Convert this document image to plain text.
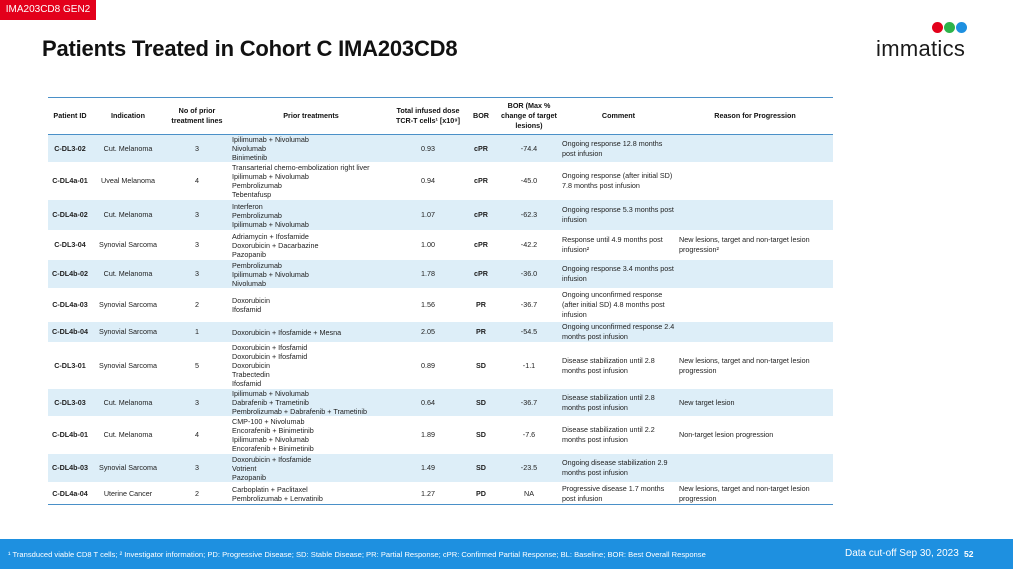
IMA203CD8 GEN2
Patients Treated in Cohort C IMA203CD8	immatics
Patient ID	Indication	No of prior treatment lines	Prior treatments	Total infused dose TCR-T cells¹ [x10⁹]	BOR	BOR (Max % change of target lesions)	Comment	Reason for Progression
C-DL3-02	Cut. Melanoma	3	Ipilimumab + Nivolumab
Nivolumab
Binimetinib	0.93	cPR	-74.4	Ongoing response 12.8 months post infusion	
C-DL4a-01	Uveal Melanoma	4	Transarterial chemo-embolization right liver
Ipilimumab + Nivolumab
Pembrolizumab
Tebentafusp	0.94	cPR	-45.0	Ongoing response (after initial SD) 7.8 months post infusion	
C-DL4a-02	Cut. Melanoma	3	Interferon
Pembrolizumab
Ipilimumab + Nivolumab	1.07	cPR	-62.3	Ongoing response 5.3 months post infusion	
C-DL3-04	Synovial Sarcoma	3	Adriamycin + Ifosfamide
Doxorubicin + Dacarbazine
Pazopanib	1.00	cPR	-42.2	Response until 4.9 months post infusion²	New lesions, target and non-target lesion progression²
C-DL4b-02	Cut. Melanoma	3	Pembrolizumab
Ipilimumab + Nivolumab
Nivolumab	1.78	cPR	-36.0	Ongoing response 3.4 months post infusion	
C-DL4a-03	Synovial Sarcoma	2	Doxorubicin
Ifosfamid	1.56	PR	-36.7	Ongoing unconfirmed response (after initial SD) 4.8 months post infusion	
C-DL4b-04	Synovial Sarcoma	1	Doxorubicin + Ifosfamide + Mesna	2.05	PR	-54.5	Ongoing unconfirmed response 2.4 months post infusion	
C-DL3-01	Synovial Sarcoma	5	Doxorubicin + Ifosfamid
Doxorubicin + Ifosfamid
Doxorubicin
Trabectedin
Ifosfamid	0.89	SD	-1.1	Disease stabilization until 2.8 months post infusion	New lesions, target and non-target lesion progression
C-DL3-03	Cut. Melanoma	3	Ipilimumab + Nivolumab
Dabrafenib + Trametinib
Pembrolizumab + Dabrafenib + Trametinib	0.64	SD	-36.7	Disease stabilization until 2.8 months post infusion	New target lesion
C-DL4b-01	Cut. Melanoma	4	CMP-100 + Nivolumab
Encorafenib + Binimetinib
Ipilimumab + Nivolumab
Encorafenib + Binimetinib	1.89	SD	-7.6	Disease stabilization until 2.2 months post infusion	Non-target lesion progression
C-DL4b-03	Synovial Sarcoma	3	Doxorubicin + Ifosfamide
Votrient
Pazopanib	1.49	SD	-23.5	Ongoing disease stabilization 2.9 months post infusion	
C-DL4a-04	Uterine Cancer	2	Carboplatin + Paclitaxel
Pembrolizumab + Lenvatinib	1.27	PD	NA	Progressive disease 1.7 months post infusion	New lesions, target and non-target lesion progression
¹ Transduced viable CD8 T cells; ² Investigator information; PD: Progressive Disease; SD: Stable Disease; PR: Partial Response; cPR: Confirmed Partial Response; BL: Baseline; BOR: Best Overall Response	Data cut-off Sep 30, 2023 52
